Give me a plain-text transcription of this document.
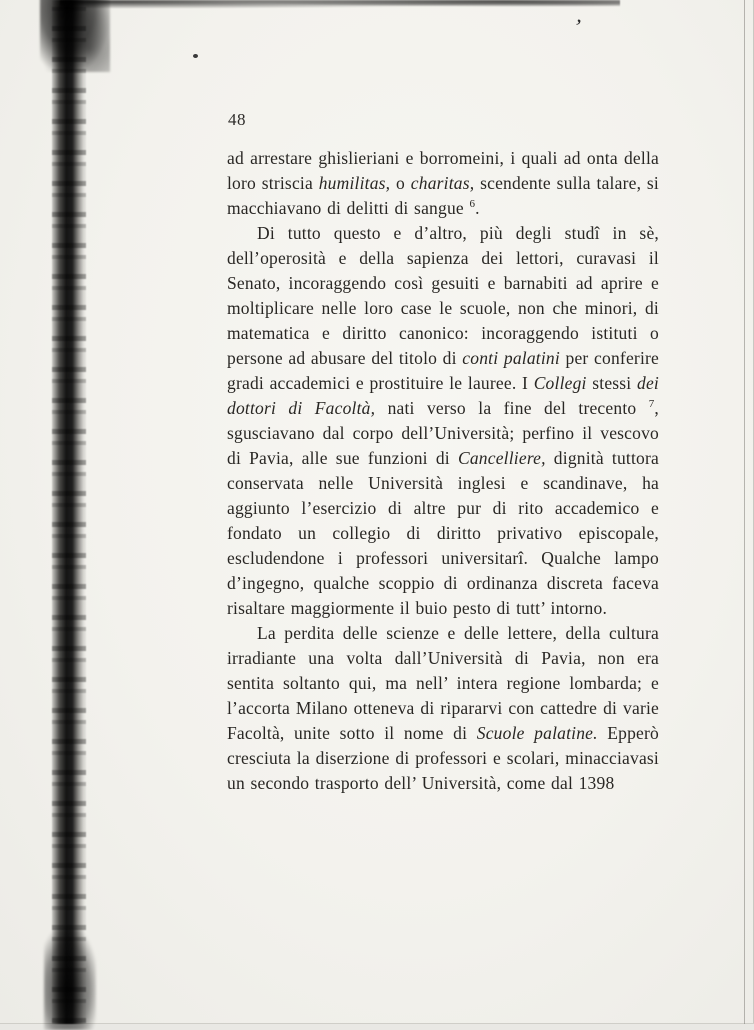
’
48

ad arrestare ghislieriani e borromeini, i quali ad onta della loro striscia humilitas, o charitas, scendente sulla talare, si macchiavano di delitti di sangue $^6$.

Di tutto questo e d’altro, più degli studî in sè, dell’operosità e della sapienza dei lettori, curavasi il Senato, incoraggendo così gesuiti e barnabiti ad aprire e moltiplicare nelle loro case le scuole, non che minori, di matematica e diritto canonico: incoraggendo istituti o persone ad abusare del titolo di conti palatini per conferire gradi accademici e prostituire le lauree. I Collegi stessi dei dottori di Facoltà, nati verso la fine del trecento $^7$, sgusciavano dal corpo dell’Università; perfino il vescovo di Pavia, alle sue funzioni di Cancelliere, dignità tuttora conservata nelle Università inglesi e scandinave, ha aggiunto l’esercizio di altre pur di rito accademico e fondato un collegio di diritto privativo episcopale, escludendone i professori universitarî. Qualche lampo d’ingegno, qualche scoppio di ordinanza discreta faceva risaltare maggiormente il buio pesto di tutt’ intorno.

La perdita delle scienze e delle lettere, della cultura irradiante una volta dall’Università di Pavia, non era sentita soltanto qui, ma nell’ intera regione lombarda; e l’accorta Milano otteneva di ripararvi con cattedre di varie Facoltà, unite sotto il nome di Scuole palatine. Epperò cresciuta la diserzione di professori e scolari, minacciavasi un secondo trasporto dell’ Università, come dal 1398
